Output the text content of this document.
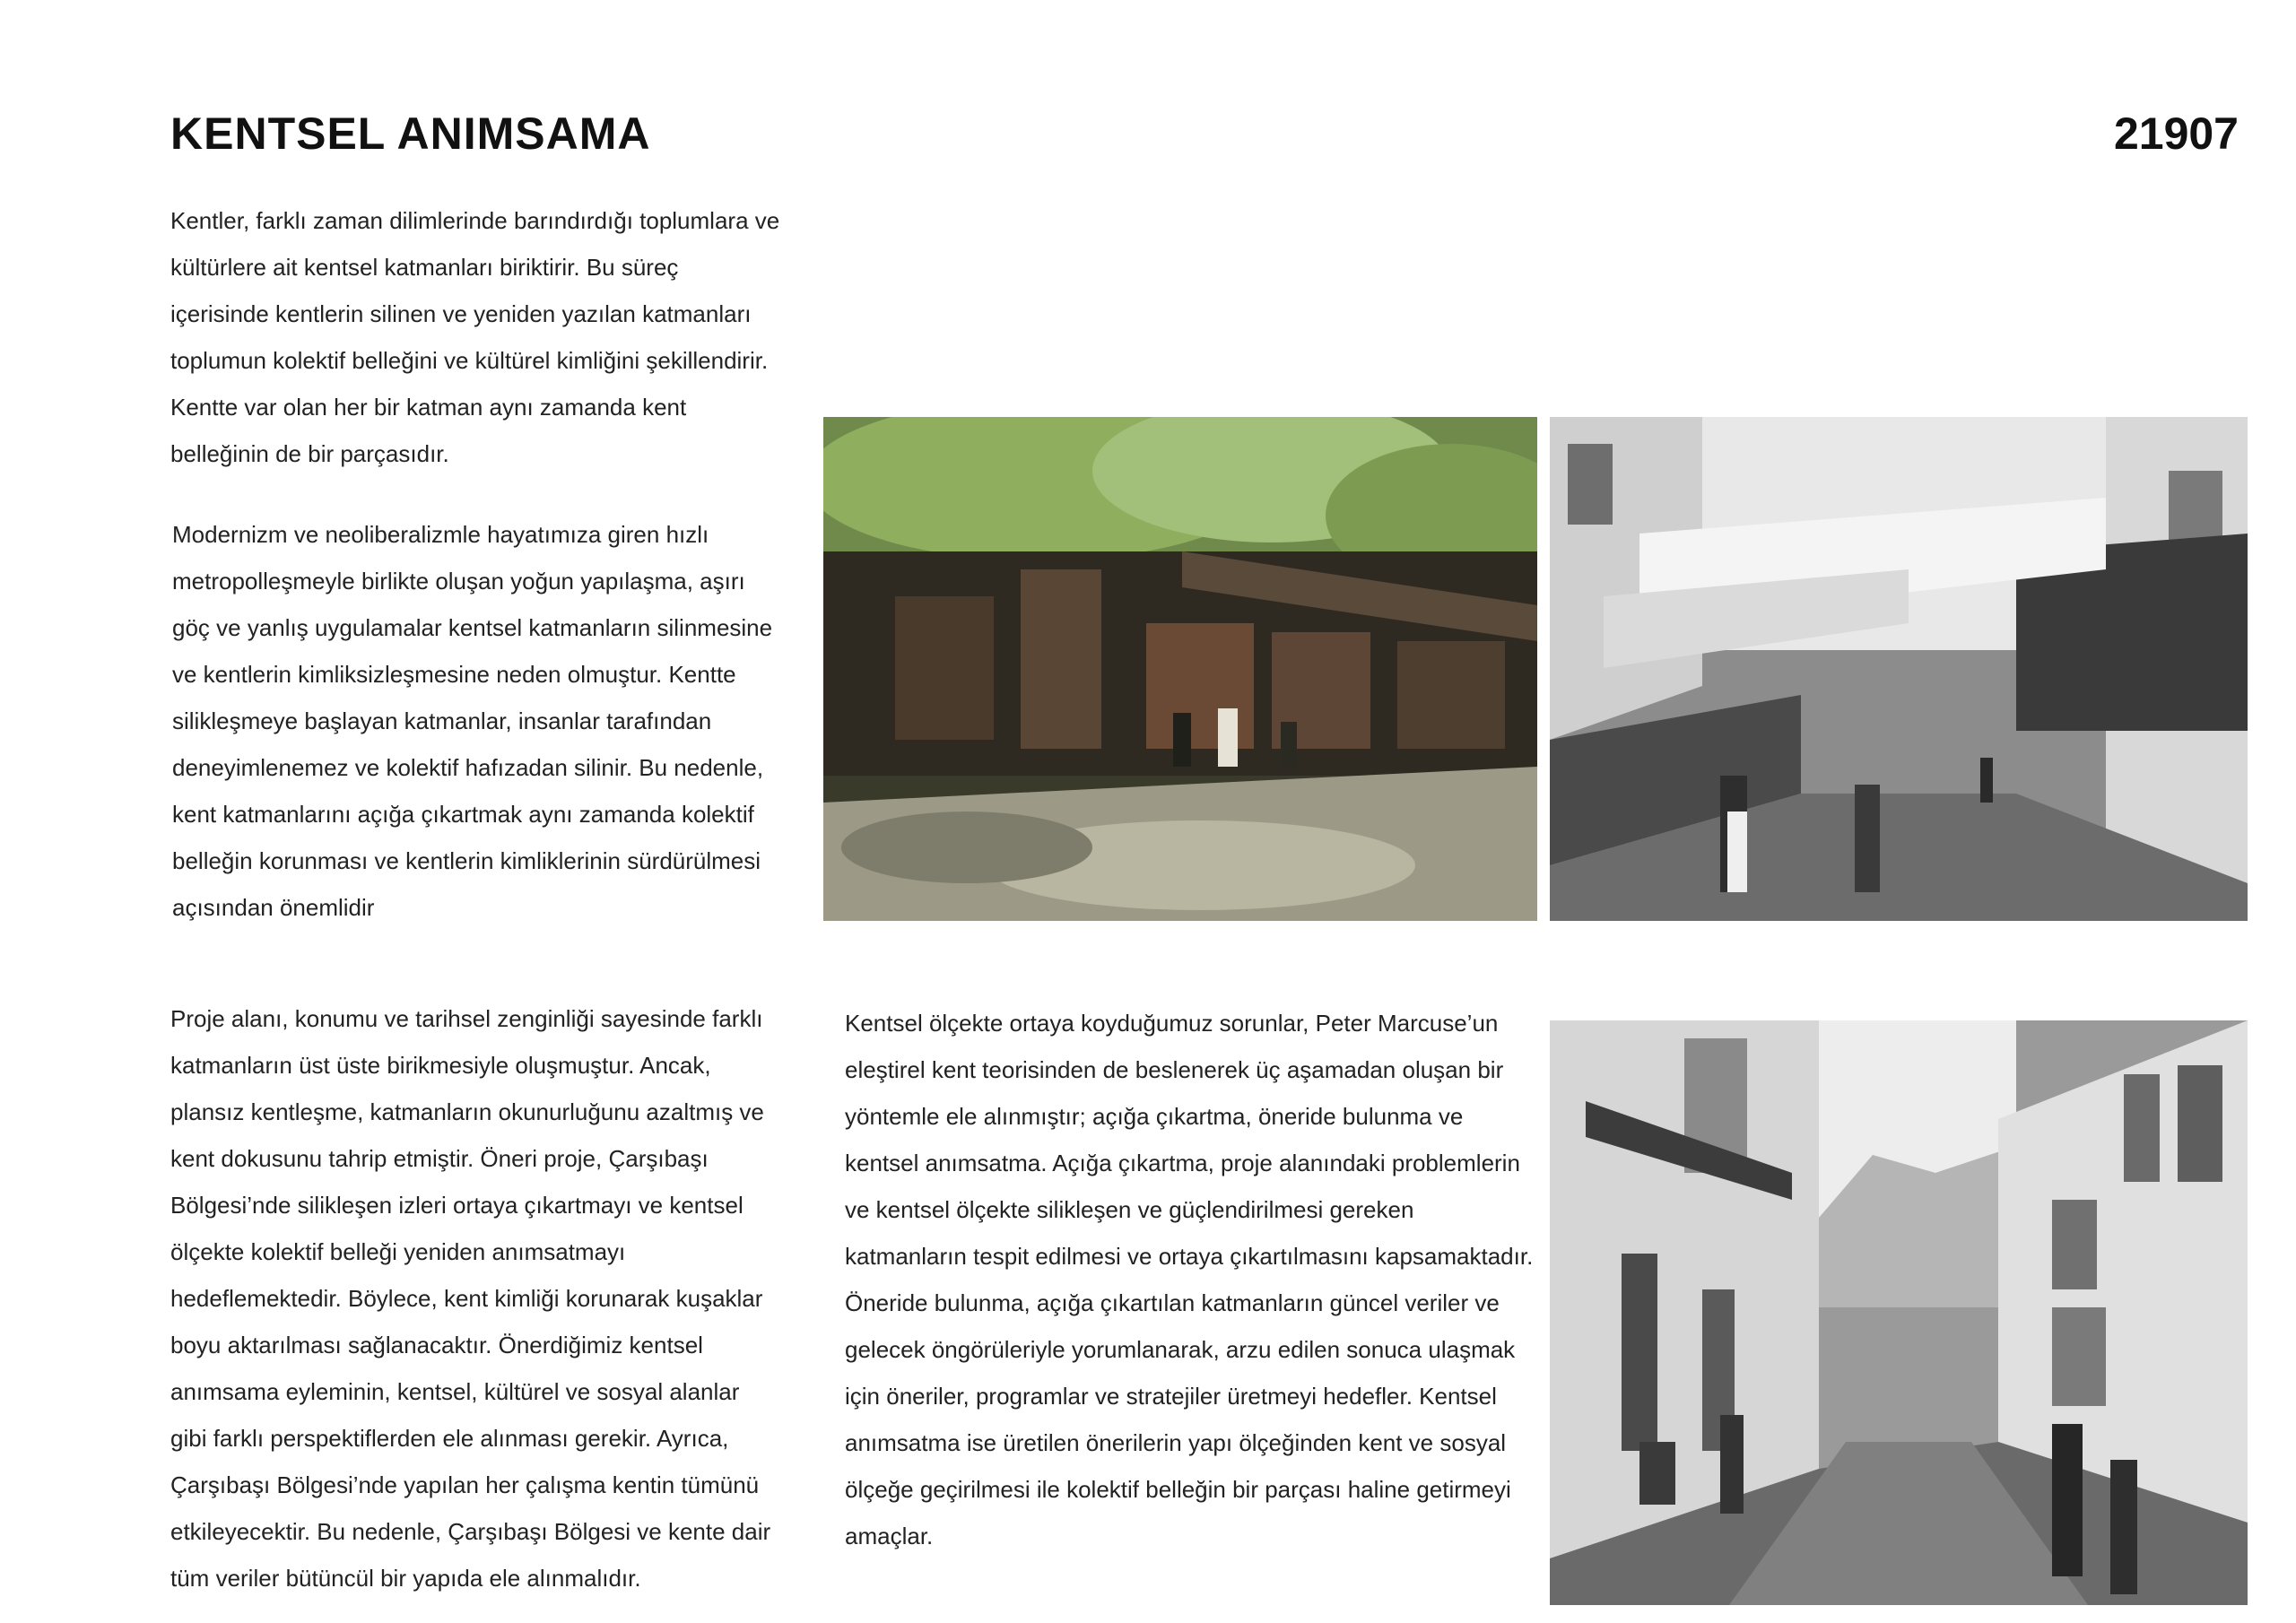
KENTSEL ANIMSAMA	21907

Kentler, farklı zaman dilimlerinde barındırdığı toplumlara ve kültürlere ait kentsel katmanları biriktirir. Bu süreç içerisinde kentlerin silinen ve yeniden yazılan katmanları toplumun kolektif belleğini ve kültürel kimliğini şekillendirir. Kentte var olan her bir katman aynı zamanda kent belleğinin de bir parçasıdır.

Modernizm ve neoliberalizmle hayatımıza giren hızlı metropolleşmeyle birlikte oluşan yoğun yapılaşma, aşırı göç ve yanlış uygulamalar kentsel katmanların silinmesine ve kentlerin kimliksizleşmesine neden olmuştur. Kentte silikleşmeye başlayan katmanlar, insanlar tarafından deneyimlenemez ve kolektif hafızadan silinir. Bu nedenle, kent katmanlarını açığa çıkartmak aynı zamanda kolektif belleğin korunması ve kentlerin kimliklerinin sürdürülmesi açısından önemlidir

Proje alanı, konumu ve tarihsel zenginliği sayesinde farklı katmanların üst üste birikmesiyle oluşmuştur. Ancak, plansız kentleşme, katmanların okunurluğunu azaltmış ve kent dokusunu tahrip etmiştir. Öneri proje, Çarşıbaşı Bölgesi’nde silikleşen izleri ortaya çıkartmayı ve kentsel ölçekte kolektif belleği yeniden anımsatmayı hedeflemektedir. Böylece, kent kimliği korunarak kuşaklar boyu aktarılması sağlanacaktır. Önerdiğimiz kentsel anımsama eyleminin, kentsel, kültürel ve sosyal alanlar gibi farklı perspektiflerden ele alınması gerekir. Ayrıca, Çarşıbaşı Bölgesi’nde yapılan her çalışma kentin tümünü etkileyecektir. Bu nedenle, Çarşıbaşı Bölgesi ve kente dair tüm veriler bütüncül bir yapıda ele alınmalıdır.

Kentsel ölçekte ortaya koyduğumuz sorunlar, Peter Marcuse’un eleştirel kent teorisinden de beslenerek üç aşamadan oluşan bir yöntemle ele alınmıştır; açığa çıkartma, öneride bulunma ve kentsel anımsatma. Açığa çıkartma, proje alanındaki problemlerin ve kentsel ölçekte silikleşen ve güçlendirilmesi gereken katmanların tespit edilmesi ve ortaya çıkartılmasını kapsamaktadır. Öneride bulunma, açığa çıkartılan katmanların güncel veriler ve gelecek öngörüleriyle yorumlanarak, arzu edilen sonuca ulaşmak için öneriler, programlar ve stratejiler üretmeyi hedefler. Kentsel anımsatma ise üretilen önerilerin yapı ölçeğinden kent ve sosyal ölçeğe geçirilmesi ile kolektif belleğin bir parçası haline getirmeyi amaçlar.
